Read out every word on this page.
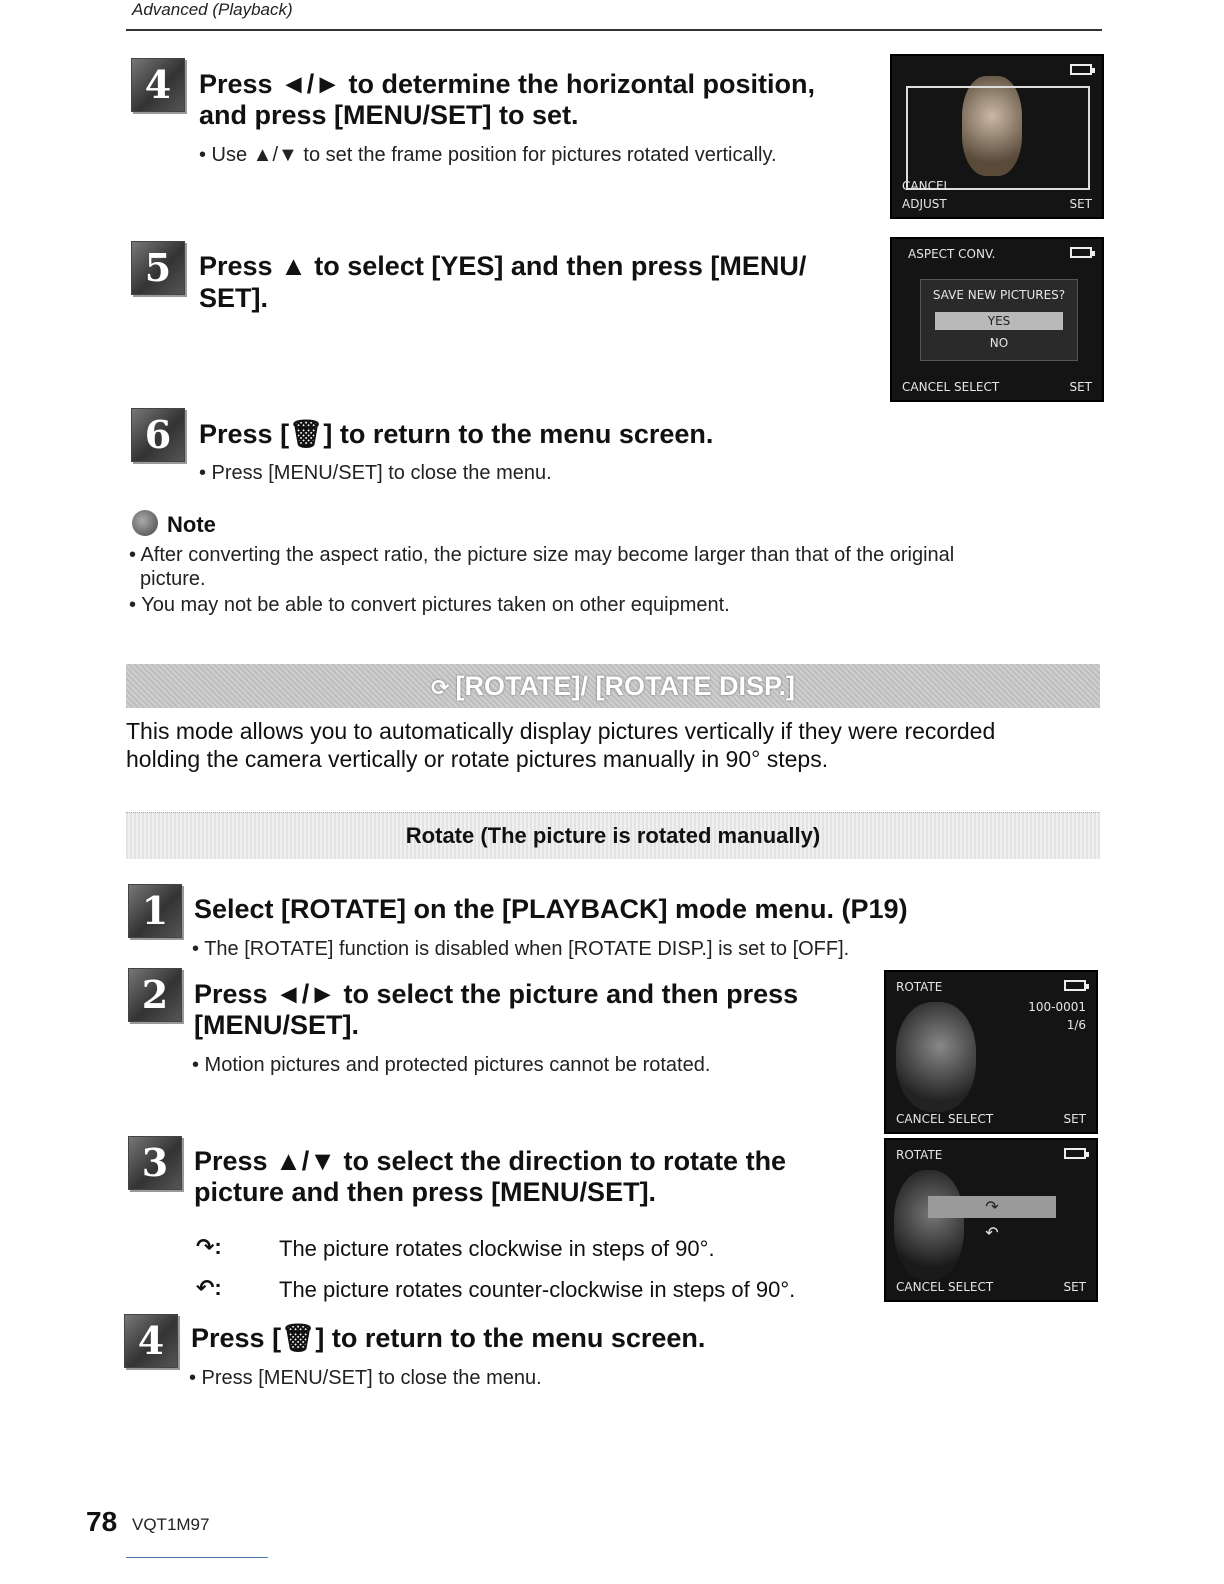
Advanced (Playback)
4	Press ◄/► to determine the horizontal position,
and press [MENU/SET] to set.
• Use ▲/▼ to set the frame position for pictures rotated vertically.
CANCEL
ADJUST	SET
5	Press ▲ to select [YES] and then press [MENU/
SET].
ASPECT CONV.
SAVE NEW PICTURES?
YES
NO
CANCEL SELECT	SET
6	Press [🗑] to return to the menu screen.
• Press [MENU/SET] to close the menu.
Note
• After converting the aspect ratio, the picture size may become larger than that of the original
picture.
• You may not be able to convert pictures taken on other equipment.
⟳ [ROTATE]/ [ROTATE DISP.]
This mode allows you to automatically display pictures vertically if they were recorded
holding the camera vertically or rotate pictures manually in 90° steps.
Rotate (The picture is rotated manually)
1 Select [ROTATE] on the [PLAYBACK] mode menu. (P19)
• The [ROTATE] function is disabled when [ROTATE DISP.] is set to [OFF].
2 Press ◄/► to select the picture and then press
[MENU/SET].
• Motion pictures and protected pictures cannot be rotated.
ROTATE
100-0001
1/6
CANCEL SELECT	SET
3 Press ▲/▼ to select the direction to rotate the
picture and then press [MENU/SET].
↷:	The picture rotates clockwise in steps of 90°.
↶:	The picture rotates counter-clockwise in steps of 90°.
ROTATE
↷
↶
CANCEL SELECT	SET
4 Press [🗑] to return to the menu screen.
• Press [MENU/SET] to close the menu.
78 VQT1M97
